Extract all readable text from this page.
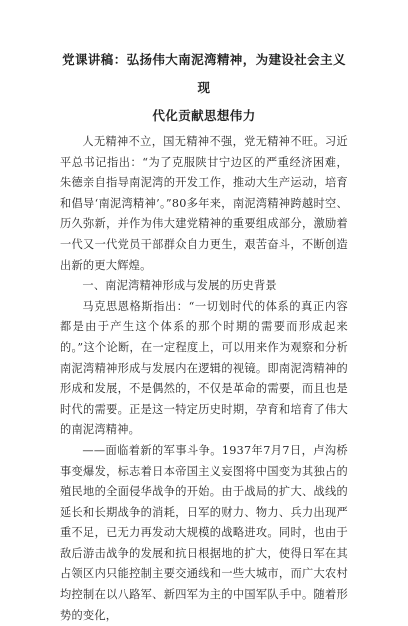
党课讲稿：弘扬伟大南泥湾精神，为建设社会主义现
代化贡献思想伟力

人无精神不立，国无精神不强，党无精神不旺。习近平总书记指出：“为了克服陕甘宁边区的严重经济困难，朱德亲自指导南泥湾的开发工作，推动大生产运动，培育和倡导‘南泥湾精神’。”80多年来，南泥湾精神跨越时空、历久弥新，并作为伟大建党精神的重要组成部分，激励着一代又一代党员干部群众自力更生，艰苦奋斗，不断创造出新的更大辉煌。

一、南泥湾精神形成与发展的历史背景

马克思恩格斯指出：“一切划时代的体系的真正内容都是由于产生这个体系的那个时期的需要而形成起来的。”这个论断，在一定程度上，可以用来作为观察和分析南泥湾精神形成与发展内在逻辑的视镜。即南泥湾精神的形成和发展，不是偶然的，不仅是革命的需要，而且也是时代的需要。正是这一特定历史时期，孕育和培育了伟大的南泥湾精神。

——面临着新的军事斗争。1937年7月7日，卢沟桥事变爆发，标志着日本帝国主义妄图将中国变为其独占的殖民地的全面侵华战争的开始。由于战局的扩大、战线的延长和长期战争的消耗，日军的财力、物力、兵力出现严重不足，已无力再发动大规模的战略进攻。同时，也由于敌后游击战争的发展和抗日根据地的扩大，使得日军在其占领区内只能控制主要交通线和一些大城市，而广大农村均控制在以八路军、新四军为主的中国军队手中。随着形势的变化，
